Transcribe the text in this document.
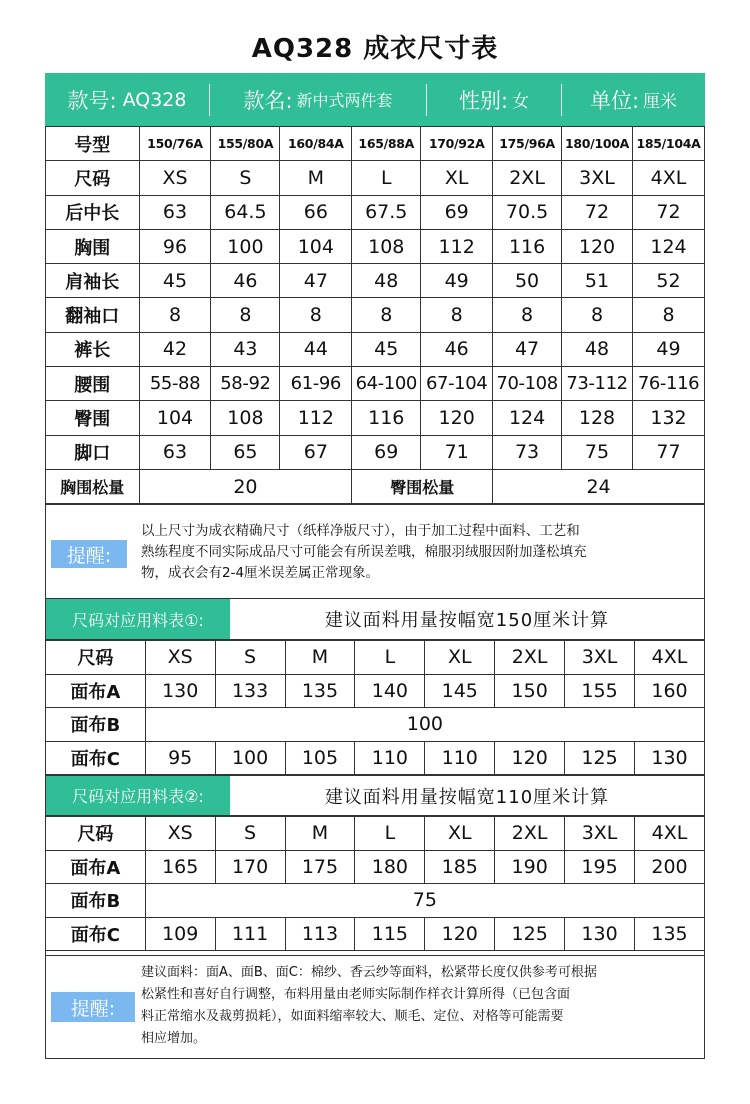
AQ328 成衣尺寸表
款号: AQ328	款名: 新中式两件套	性别: 女	单位: 厘米
号型	150/76A	155/80A	160/84A	165/88A	170/92A	175/96A	180/100A	185/104A
尺码	XS	S	M	L	XL	2XL	3XL	4XL
后中长	63	64.5	66	67.5	69	70.5	72	72
胸围	96	100	104	108	112	116	120	124
肩袖长	45	46	47	48	49	50	51	52
翻袖口	8	8	8	8	8	8	8	8
裤长	42	43	44	45	46	47	48	49
腰围	55-88	58-92	61-96	64-100	67-104	70-108	73-112	76-116
臀围	104	108	112	116	120	124	128	132
脚口	63	65	67	69	71	73	75	77
胸围松量	20			臀围松量		24		
提醒:
以上尺寸为成衣精确尺寸（纸样净版尺寸），由于加工过程中面料、工艺和
熟练程度不同实际成品尺寸可能会有所误差哦，棉服羽绒服因附加蓬松填充
物，成衣会有2-4厘米误差属正常现象。
尺码对应用料表①:	建议面料用量按幅宽150厘米计算
尺码	XS	S	M	L	XL	2XL	3XL	4XL
面布A	130	133	135	140	145	150	155	160
面布B	100							
面布C	95	100	105	110	110	120	125	130
尺码对应用料表②:	建议面料用量按幅宽110厘米计算
尺码	XS	S	M	L	XL	2XL	3XL	4XL
面布A	165	170	175	180	185	190	195	200
面布B	75							
面布C	109	111	113	115	120	125	130	135
提醒:
建议面料：面A、面B、面C：棉纱、香云纱等面料，松紧带长度仅供参考可根据
松紧性和喜好自行调整，布料用量由老师实际制作样衣计算所得（已包含面
料正常缩水及裁剪损耗），如面料缩率较大、顺毛、定位、对格等可能需要
相应增加。
